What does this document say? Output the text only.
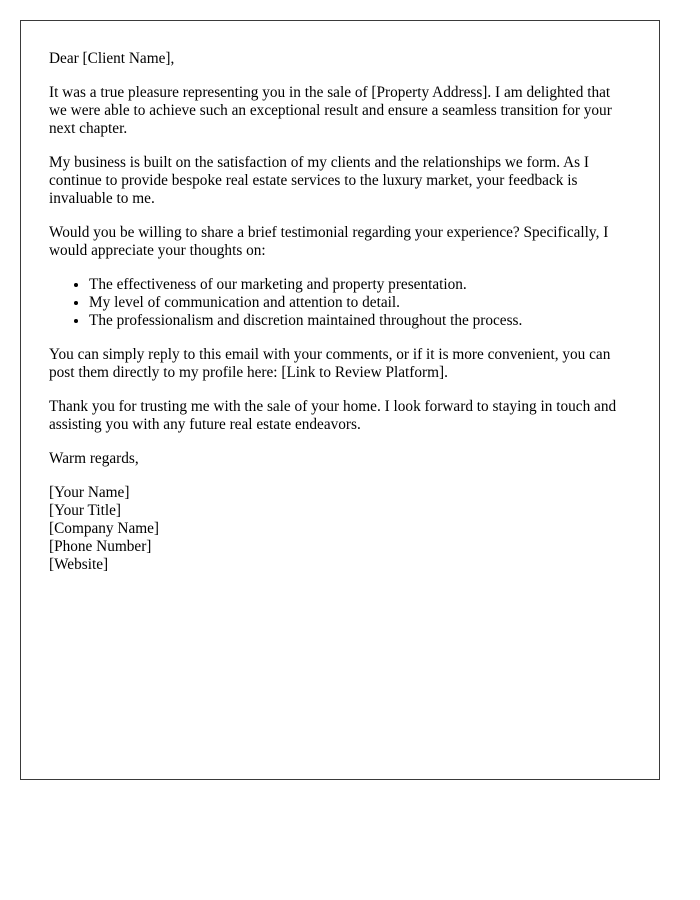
Dear [Client Name],

It was a true pleasure representing you in the sale of [Property Address]. I am delighted that we were able to achieve such an exceptional result and ensure a seamless transition for your next chapter.

My business is built on the satisfaction of my clients and the relationships we form. As I continue to provide bespoke real estate services to the luxury market, your feedback is invaluable to me.

Would you be willing to share a brief testimonial regarding your experience? Specifically, I would appreciate your thoughts on:

• The effectiveness of our marketing and property presentation.
• My level of communication and attention to detail.
• The professionalism and discretion maintained throughout the process.

You can simply reply to this email with your comments, or if it is more convenient, you can post them directly to my profile here: [Link to Review Platform].

Thank you for trusting me with the sale of your home. I look forward to staying in touch and assisting you with any future real estate endeavors.

Warm regards,

[Your Name]
[Your Title]
[Company Name]
[Phone Number]
[Website]
